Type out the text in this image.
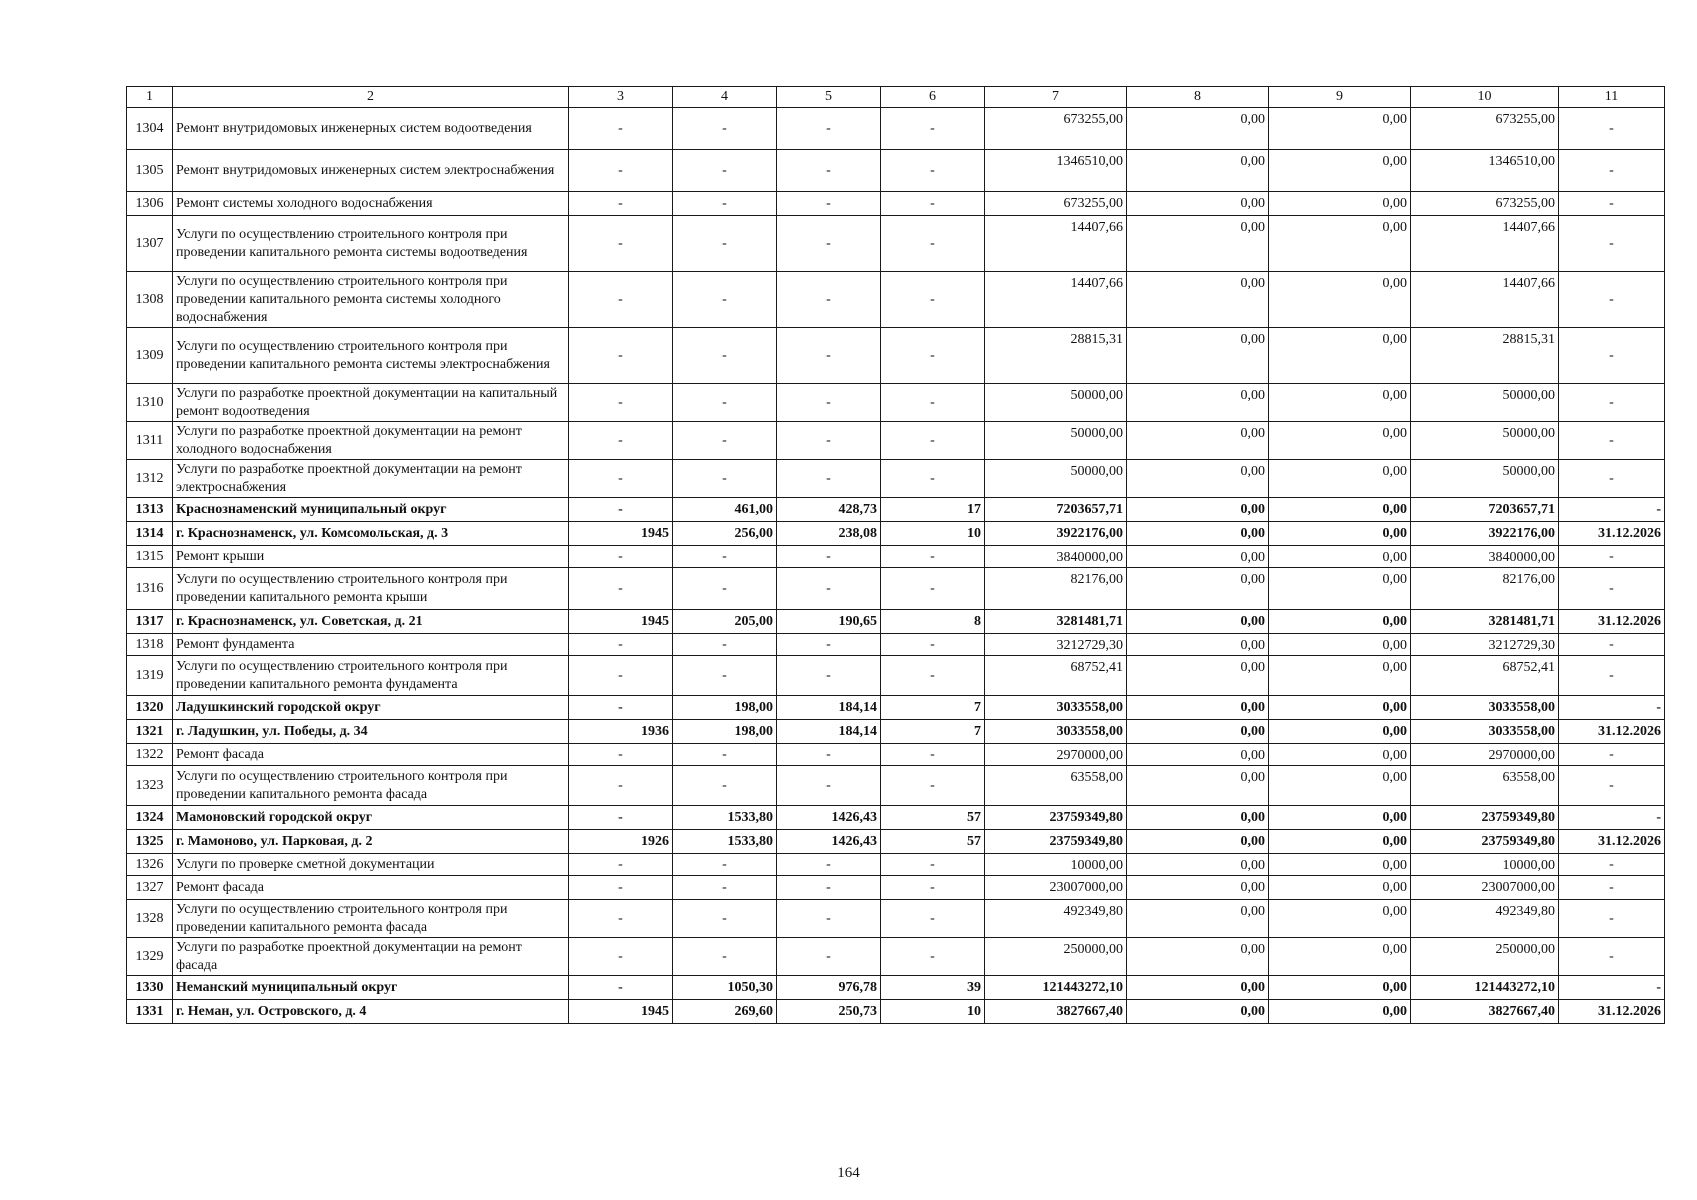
1	2	3	4	5	6	7	8	9	10	11
1304	Ремонт внутридомовых инженерных систем водоотведения	-	-	-	-	673255,00	0,00	0,00	673255,00	-
1305	Ремонт внутридомовых инженерных систем электроснабжения	-	-	-	-	1346510,00	0,00	0,00	1346510,00	-
1306	Ремонт системы холодного водоснабжения	-	-	-	-	673255,00	0,00	0,00	673255,00	-
1307	Услуги по осуществлению строительного контроля при проведении капитального ремонта системы водоотведения	-	-	-	-	14407,66	0,00	0,00	14407,66	-
1308	Услуги по осуществлению строительного контроля при проведении капитального ремонта системы холодного водоснабжения	-	-	-	-	14407,66	0,00	0,00	14407,66	-
1309	Услуги по осуществлению строительного контроля при проведении капитального ремонта системы электроснабжения	-	-	-	-	28815,31	0,00	0,00	28815,31	-
1310	Услуги по разработке проектной документации на капитальный ремонт водоотведения	-	-	-	-	50000,00	0,00	0,00	50000,00	-
1311	Услуги по разработке проектной документации на ремонт холодного водоснабжения	-	-	-	-	50000,00	0,00	0,00	50000,00	-
1312	Услуги по разработке проектной документации на ремонт электроснабжения	-	-	-	-	50000,00	0,00	0,00	50000,00	-
1313	Краснознаменский муниципальный округ	-	461,00	428,73	17	7203657,71	0,00	0,00	7203657,71	-
1314	г. Краснознаменск, ул. Комсомольская, д. 3	1945	256,00	238,08	10	3922176,00	0,00	0,00	3922176,00	31.12.2026
1315	Ремонт крыши	-	-	-	-	3840000,00	0,00	0,00	3840000,00	-
1316	Услуги по осуществлению строительного контроля при проведении капитального ремонта крыши	-	-	-	-	82176,00	0,00	0,00	82176,00	-
1317	г. Краснознаменск, ул. Советская, д. 21	1945	205,00	190,65	8	3281481,71	0,00	0,00	3281481,71	31.12.2026
1318	Ремонт фундамента	-	-	-	-	3212729,30	0,00	0,00	3212729,30	-
1319	Услуги по осуществлению строительного контроля при проведении капитального ремонта фундамента	-	-	-	-	68752,41	0,00	0,00	68752,41	-
1320	Ладушкинский городской округ	-	198,00	184,14	7	3033558,00	0,00	0,00	3033558,00	-
1321	г. Ладушкин, ул. Победы, д. 34	1936	198,00	184,14	7	3033558,00	0,00	0,00	3033558,00	31.12.2026
1322	Ремонт фасада	-	-	-	-	2970000,00	0,00	0,00	2970000,00	-
1323	Услуги по осуществлению строительного контроля при проведении капитального ремонта фасада	-	-	-	-	63558,00	0,00	0,00	63558,00	-
1324	Мамоновский городской округ	-	1533,80	1426,43	57	23759349,80	0,00	0,00	23759349,80	-
1325	г. Мамоново, ул. Парковая, д. 2	1926	1533,80	1426,43	57	23759349,80	0,00	0,00	23759349,80	31.12.2026
1326	Услуги по проверке сметной документации	-	-	-	-	10000,00	0,00	0,00	10000,00	-
1327	Ремонт фасада	-	-	-	-	23007000,00	0,00	0,00	23007000,00	-
1328	Услуги по осуществлению строительного контроля при проведении капитального ремонта фасада	-	-	-	-	492349,80	0,00	0,00	492349,80	-
1329	Услуги по разработке проектной документации на ремонт фасада	-	-	-	-	250000,00	0,00	0,00	250000,00	-
1330	Неманский муниципальный округ	-	1050,30	976,78	39	121443272,10	0,00	0,00	121443272,10	-
1331	г. Неман, ул. Островского, д. 4	1945	269,60	250,73	10	3827667,40	0,00	0,00	3827667,40	31.12.2026
164
